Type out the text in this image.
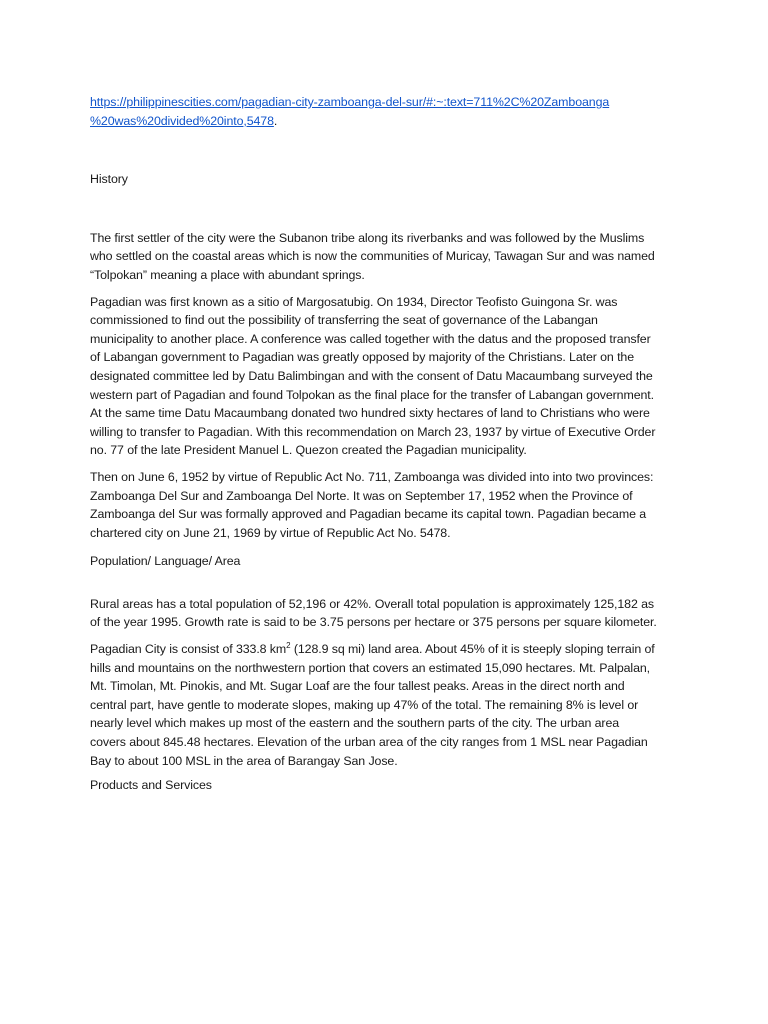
https://philippinescities.com/pagadian-city-zamboanga-del-sur/#:~:text=711%2C%20Zamboanga
%20was%20divided%20into,5478.

History

The first settler of the city were the Subanon tribe along its riverbanks and was followed by the Muslims who settled on the coastal areas which is now the communities of Muricay, Tawagan Sur and was named “Tolpokan” meaning a place with abundant springs.

Pagadian was first known as a sitio of Margosatubig. On 1934, Director Teofisto Guingona Sr. was commissioned to find out the possibility of transferring the seat of governance of the Labangan municipality to another place. A conference was called together with the datus and the proposed transfer of Labangan government to Pagadian was greatly opposed by majority of the Christians. Later on the designated committee led by Datu Balimbingan and with the consent of Datu Macaumbang surveyed the western part of Pagadian and found Tolpokan as the final place for the transfer of Labangan government. At the same time Datu Macaumbang donated two hundred sixty hectares of land to Christians who were willing to transfer to Pagadian. With this recommendation on March 23, 1937 by virtue of Executive Order no. 77 of the late President Manuel L. Quezon created the Pagadian municipality.

Then on June 6, 1952 by virtue of Republic Act No. 711, Zamboanga was divided into into two provinces: Zamboanga Del Sur and Zamboanga Del Norte. It was on September 17, 1952 when the Province of Zamboanga del Sur was formally approved and Pagadian became its capital town. Pagadian became a chartered city on June 21, 1969 by virtue of Republic Act No. 5478.

Population/ Language/ Area

Rural areas has a total population of 52,196 or 42%. Overall total population is approximately 125,182 as of the year 1995. Growth rate is said to be 3.75 persons per hectare or 375 persons per square kilometer.

Pagadian City is consist of 333.8 $km^2$ (128.9 sq mi) land area. About 45% of it is steeply sloping terrain of hills and mountains on the northwestern portion that covers an estimated 15,090 hectares. Mt. Palpalan, Mt. Timolan, Mt. Pinokis, and Mt. Sugar Loaf are the four tallest peaks. Areas in the direct north and central part, have gentle to moderate slopes, making up 47% of the total. The remaining 8% is level or nearly level which makes up most of the eastern and the southern parts of the city. The urban area covers about 845.48 hectares. Elevation of the urban area of the city ranges from 1 MSL near Pagadian Bay to about 100 MSL in the area of Barangay San Jose.

Products and Services
